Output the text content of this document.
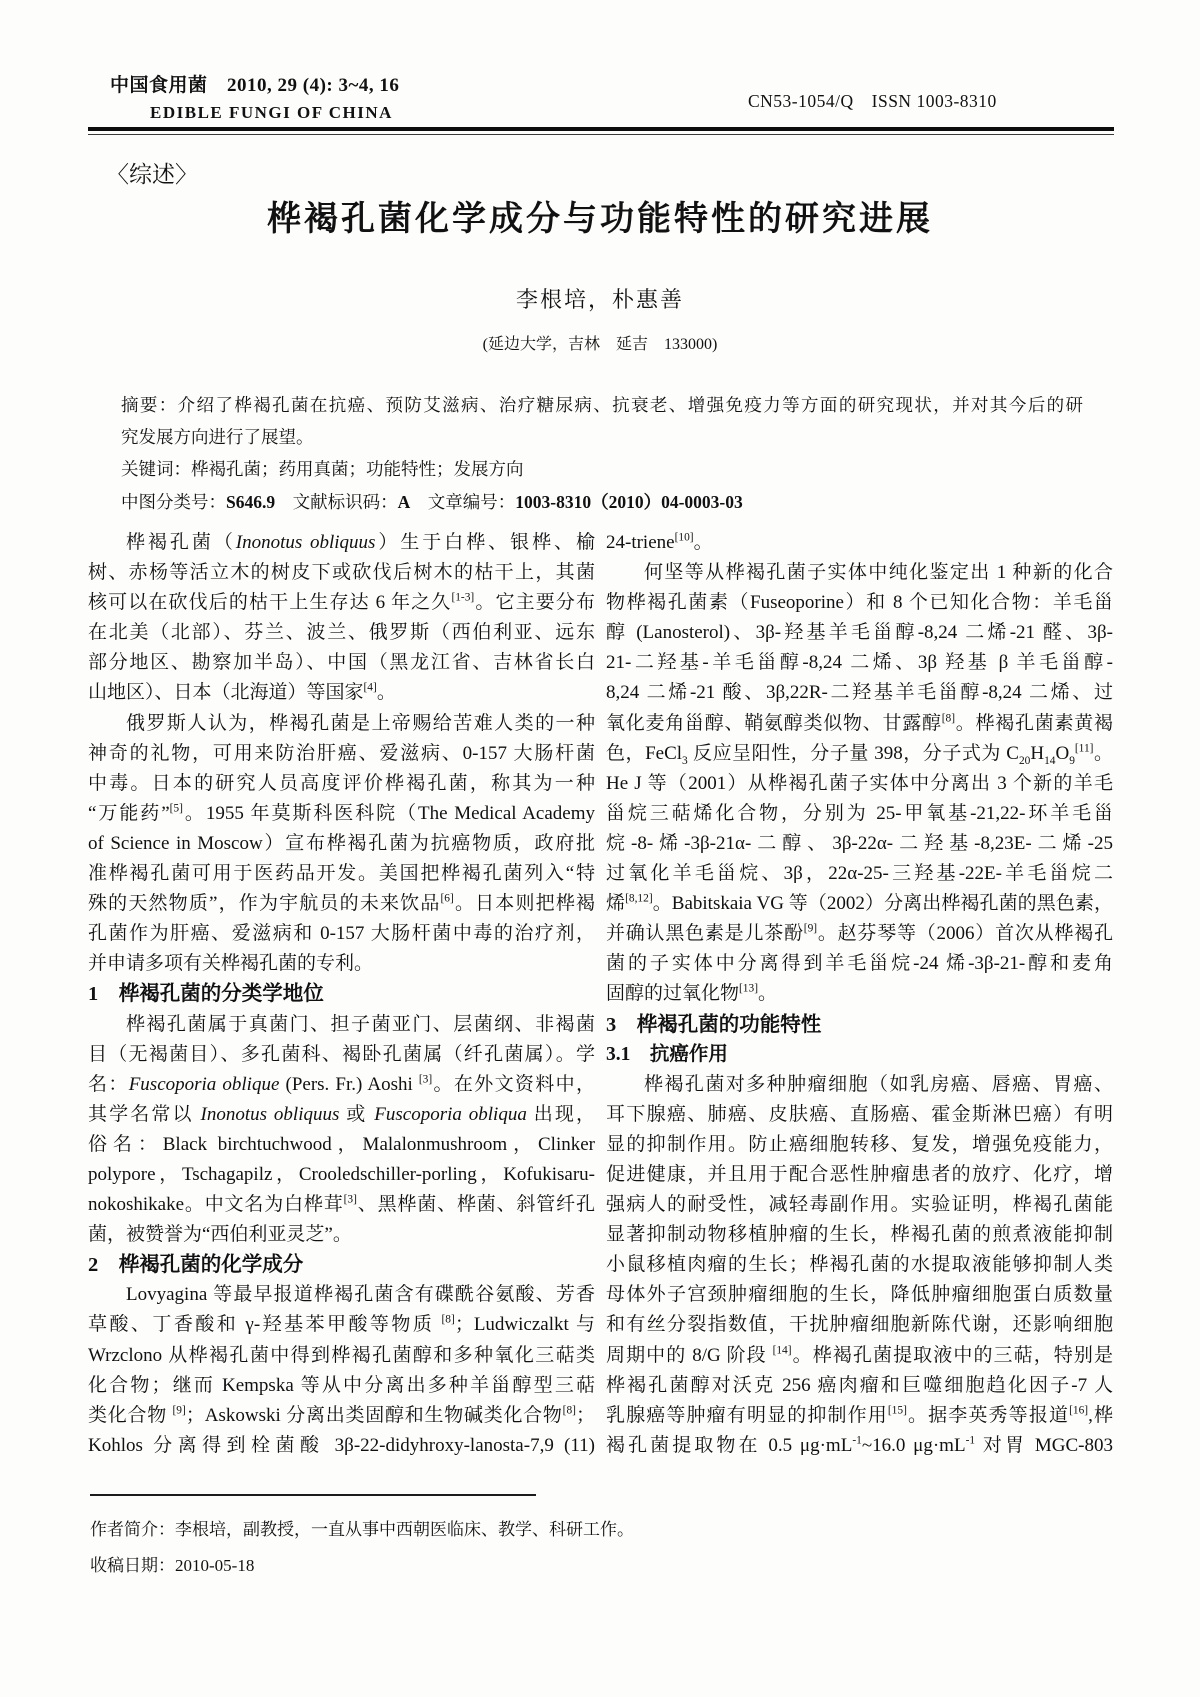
中国食用菌　2010, 29 (4): 3~4, 16
EDIBLE FUNGI OF CHINA
CN53-1054/Q　ISSN 1003-8310
〈综述〉
桦褐孔菌化学成分与功能特性的研究进展
李根培，朴惠善
(延边大学，吉林　延吉　133000)
摘要：介绍了桦褐孔菌在抗癌、预防艾滋病、治疗糖尿病、抗衰老、增强免疫力等方面的研究现状，并对其今后的研
究发展方向进行了展望。
关键词：桦褐孔菌；药用真菌；功能特性；发展方向
中图分类号：S646.9　文献标识码：A　文章编号：1003-8310（2010）04-0003-03
桦褐孔菌（Inonotus obliquus）生于白桦、银桦、榆
树、赤杨等活立木的树皮下或砍伐后树木的枯干上，其菌
核可以在砍伐后的枯干上生存达 6 年之久[1-3]。它主要分布
在北美（北部）、芬兰、波兰、俄罗斯（西伯利亚、远东
部分地区、勘察加半岛）、中国（黑龙江省、吉林省长白
山地区）、日本（北海道）等国家[4]。
俄罗斯人认为，桦褐孔菌是上帝赐给苦难人类的一种
神奇的礼物，可用来防治肝癌、爱滋病、0-157 大肠杆菌
中毒。日本的研究人员高度评价桦褐孔菌，称其为一种
“万能药”[5]。1955 年莫斯科医科院（The Medical Academy
of Science in Moscow）宣布桦褐孔菌为抗癌物质，政府批
准桦褐孔菌可用于医药品开发。美国把桦褐孔菌列入“特
殊的天然物质”，作为宇航员的未来饮品[6]。日本则把桦褐
孔菌作为肝癌、爱滋病和 0-157 大肠杆菌中毒的治疗剂，
并申请多项有关桦褐孔菌的专利。
1　桦褐孔菌的分类学地位
桦褐孔菌属于真菌门、担子菌亚门、层菌纲、非褐菌
目（无褐菌目）、多孔菌科、褐卧孔菌属（纤孔菌属）。学
名：Fuscoporia oblique (Pers. Fr.) Aoshi [3]。在外文资料中，
其学名常以 Inonotus obliquus 或 Fuscoporia obliqua 出现，
俗名：Black birchtuchwood，Malalonmushroom，Clinker
polypore，Tschagapilz，Crooledschiller-porling，Kofukisaru-
nokoshikake。中文名为白桦茸[3]、黑桦菌、桦菌、斜管纤孔
菌，被赞誉为“西伯利亚灵芝”。
2　桦褐孔菌的化学成分
Lovyagina 等最早报道桦褐孔菌含有碟酰谷氨酸、芳香
草酸、丁香酸和 γ-羟基苯甲酸等物质 [8]；Ludwiczalkt 与
Wrzclono 从桦褐孔菌中得到桦褐孔菌醇和多种氧化三萜类
化合物；继而 Kempska 等从中分离出多种羊甾醇型三萜
类化合物 [9]；Askowski 分离出类固醇和生物碱类化合物[8]；
Kohlos 分离得到栓菌酸 3β-22-didyhroxy-lanosta-7,9 (11)
24-triene[10]。
何坚等从桦褐孔菌子实体中纯化鉴定出 1 种新的化合
物桦褐孔菌素（Fuseoporine）和 8 个已知化合物：羊毛甾
醇 (Lanosterol)、3β-羟基羊毛甾醇-8,24 二烯-21 醛、3β-
21-二羟基-羊毛甾醇-8,24 二烯、3β 羟基 β 羊毛甾醇-
8,24 二烯-21 酸、3β,22R-二羟基羊毛甾醇-8,24 二烯、过
氧化麦角甾醇、鞘氨醇类似物、甘露醇[8]。桦褐孔菌素黄褐
色，FeCl$_3$ 反应呈阳性，分子量 398，分子式为 $C_{20}H_{14}O_9[11]$。
He J 等（2001）从桦褐孔菌子实体中分离出 3 个新的羊毛
甾烷三萜烯化合物，分别为 25-甲氧基-21,22-环羊毛甾
烷-8-烯-3β-21α-二醇、3β-22α-二羟基-8,23E-二烯-25
过氧化羊毛甾烷、3β，22α-25-三羟基-22E-羊毛甾烷二
烯[8,12]。Babitskaia VG 等（2002）分离出桦褐孔菌的黑色素，
并确认黑色素是儿茶酚[9]。赵芬琴等（2006）首次从桦褐孔
菌的子实体中分离得到羊毛甾烷-24 烯-3β-21-醇和麦角
固醇的过氧化物[13]。
3　桦褐孔菌的功能特性
3.1　抗癌作用
桦褐孔菌对多种肿瘤细胞（如乳房癌、唇癌、胃癌、
耳下腺癌、肺癌、皮肤癌、直肠癌、霍金斯淋巴癌）有明
显的抑制作用。防止癌细胞转移、复发，增强免疫能力，
促进健康，并且用于配合恶性肿瘤患者的放疗、化疗，增
强病人的耐受性，减轻毒副作用。实验证明，桦褐孔菌能
显著抑制动物移植肿瘤的生长，桦褐孔菌的煎煮液能抑制
小鼠移植肉瘤的生长；桦褐孔菌的水提取液能够抑制人类
母体外子宫颈肿瘤细胞的生长，降低肿瘤细胞蛋白质数量
和有丝分裂指数值，干扰肿瘤细胞新陈代谢，还影响细胞
周期中的 8/G 阶段 [14]。桦褐孔菌提取液中的三萜，特别是
桦褐孔菌醇对沃克 256 癌肉瘤和巨噬细胞趋化因子-7 人
乳腺癌等肿瘤有明显的抑制作用[15]。据李英秀等报道[16],桦
褐孔菌提取物在 0.5 $\mu g\cdot mL^{-1}\sim 16.0$ $\mu g\cdot mL^{-1}$ 对胃 MGC-803
作者简介：李根培，副教授，一直从事中西朝医临床、教学、科研工作。
收稿日期：2010-05-18
